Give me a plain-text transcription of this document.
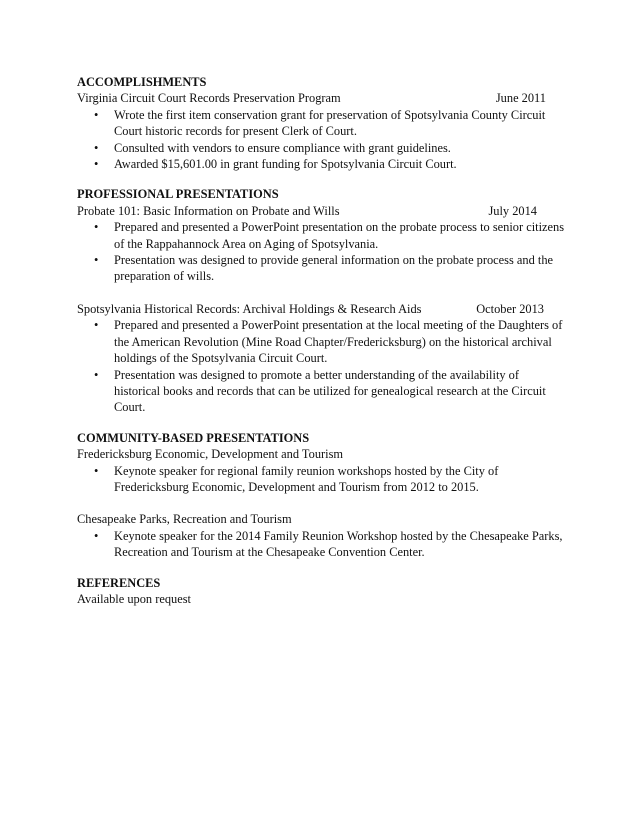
ACCOMPLISHMENTS

Virginia Circuit Court Records Preservation Program	June 2011

• Wrote the first item conservation grant for preservation of Spotsylvania County Circuit Court historic records for present Clerk of Court.
• Consulted with vendors to ensure compliance with grant guidelines.
• Awarded $15,601.00 in grant funding for Spotsylvania Circuit Court.

PROFESSIONAL PRESENTATIONS

Probate 101: Basic Information on Probate and Wills	July 2014

• Prepared and presented a PowerPoint presentation on the probate process to senior citizens of the Rappahannock Area on Aging of Spotsylvania.
• Presentation was designed to provide general information on the probate process and the preparation of wills.

Spotsylvania Historical Records: Archival Holdings & Research Aids	October 2013

• Prepared and presented a PowerPoint presentation at the local meeting of the Daughters of the American Revolution (Mine Road Chapter/Fredericksburg) on the historical archival holdings of the Spotsylvania Circuit Court.
• Presentation was designed to promote a better understanding of the availability of historical books and records that can be utilized for genealogical research at the Circuit Court.

COMMUNITY-BASED PRESENTATIONS

Fredericksburg Economic, Development and Tourism

• Keynote speaker for regional family reunion workshops hosted by the City of Fredericksburg Economic, Development and Tourism from 2012 to 2015.

Chesapeake Parks, Recreation and Tourism

• Keynote speaker for the 2014 Family Reunion Workshop hosted by the Chesapeake Parks, Recreation and Tourism at the Chesapeake Convention Center.

REFERENCES

Available upon request
